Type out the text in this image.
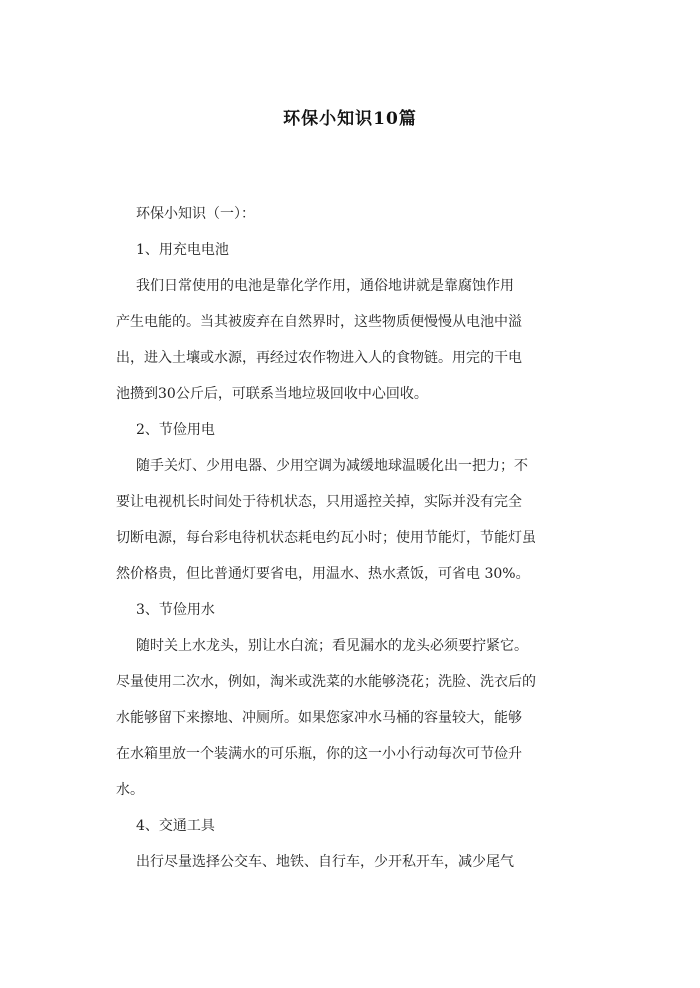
环保小知识10篇
环保小知识（一）：
1、用充电电池
我们日常使用的电池是靠化学作用，通俗地讲就是靠腐蚀作用
产生电能的。当其被废弃在自然界时，这些物质便慢慢从电池中溢
出，进入土壤或水源，再经过农作物进入人的食物链。用完的干电
池攒到30公斤后，可联系当地垃圾回收中心回收。
2、节俭用电
随手关灯、少用电器、少用空调为减缓地球温暖化出一把力；不
要让电视机长时间处于待机状态，只用遥控关掉，实际并没有完全
切断电源，每台彩电待机状态耗电约瓦小时；使用节能灯，节能灯虽
然价格贵，但比普通灯要省电，用温水、热水煮饭，可省电 30%。
3、节俭用水
随时关上水龙头，别让水白流；看见漏水的龙头必须要拧紧它。
尽量使用二次水，例如，淘米或洗菜的水能够浇花；洗脸、洗衣后的
水能够留下来擦地、冲厕所。如果您家冲水马桶的容量较大，能够
在水箱里放一个装满水的可乐瓶，你的这一小小行动每次可节俭升
水。
4、交通工具
出行尽量选择公交车、地铁、自行车，少开私开车，减少尾气
